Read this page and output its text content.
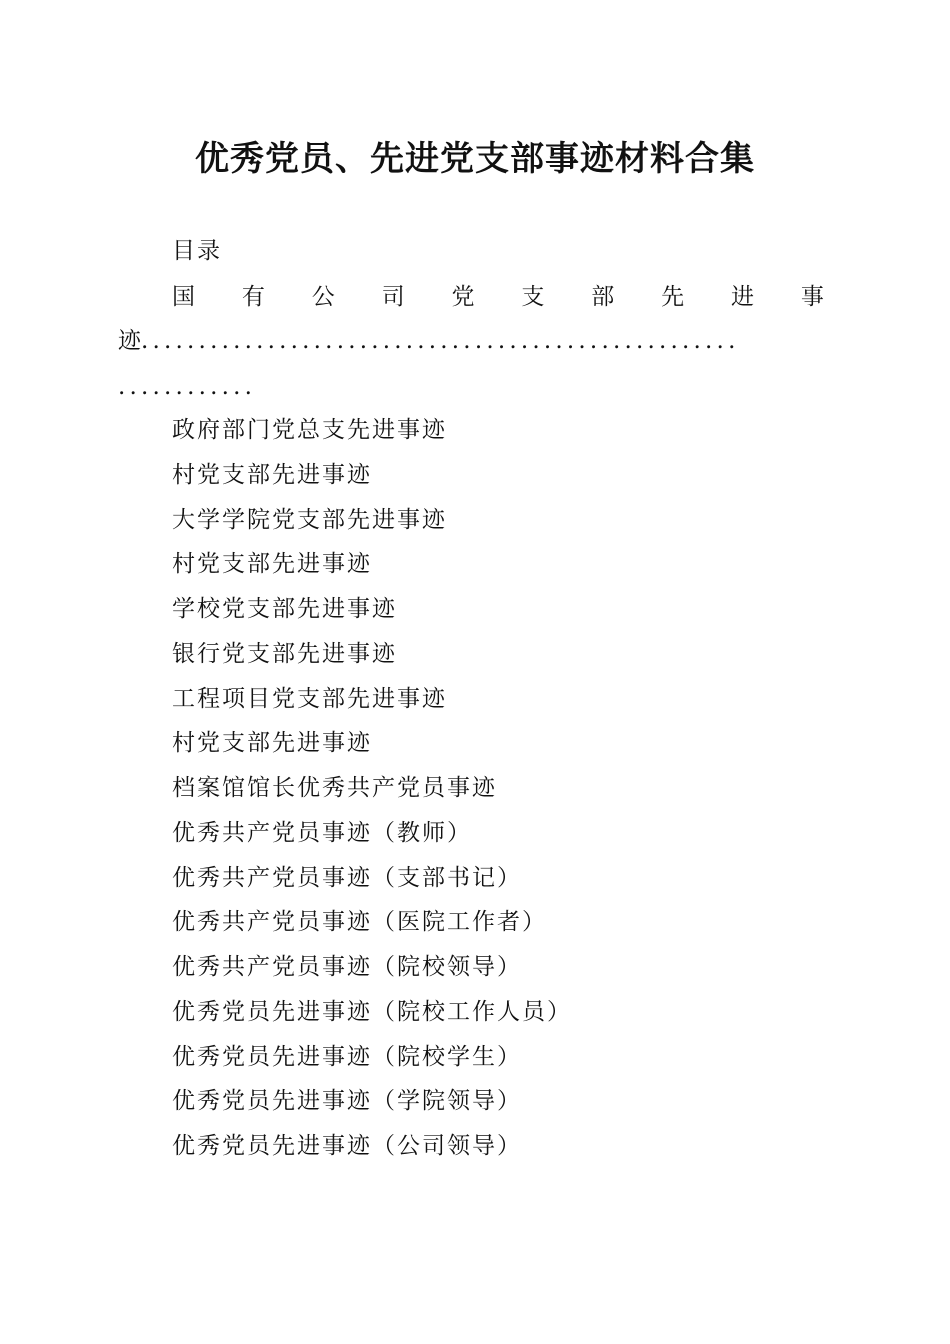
优秀党员、先进党支部事迹材料合集
目录
国 有 公 司 党 支 部 先 进 事
迹....................................................
............
政府部门党总支先进事迹
村党支部先进事迹
大学学院党支部先进事迹
村党支部先进事迹
学校党支部先进事迹
银行党支部先进事迹
工程项目党支部先进事迹
村党支部先进事迹
档案馆馆长优秀共产党员事迹
优秀共产党员事迹（教师）
优秀共产党员事迹（支部书记）
优秀共产党员事迹（医院工作者）
优秀共产党员事迹（院校领导）
优秀党员先进事迹（院校工作人员）
优秀党员先进事迹（院校学生）
优秀党员先进事迹（学院领导）
优秀党员先进事迹（公司领导）
